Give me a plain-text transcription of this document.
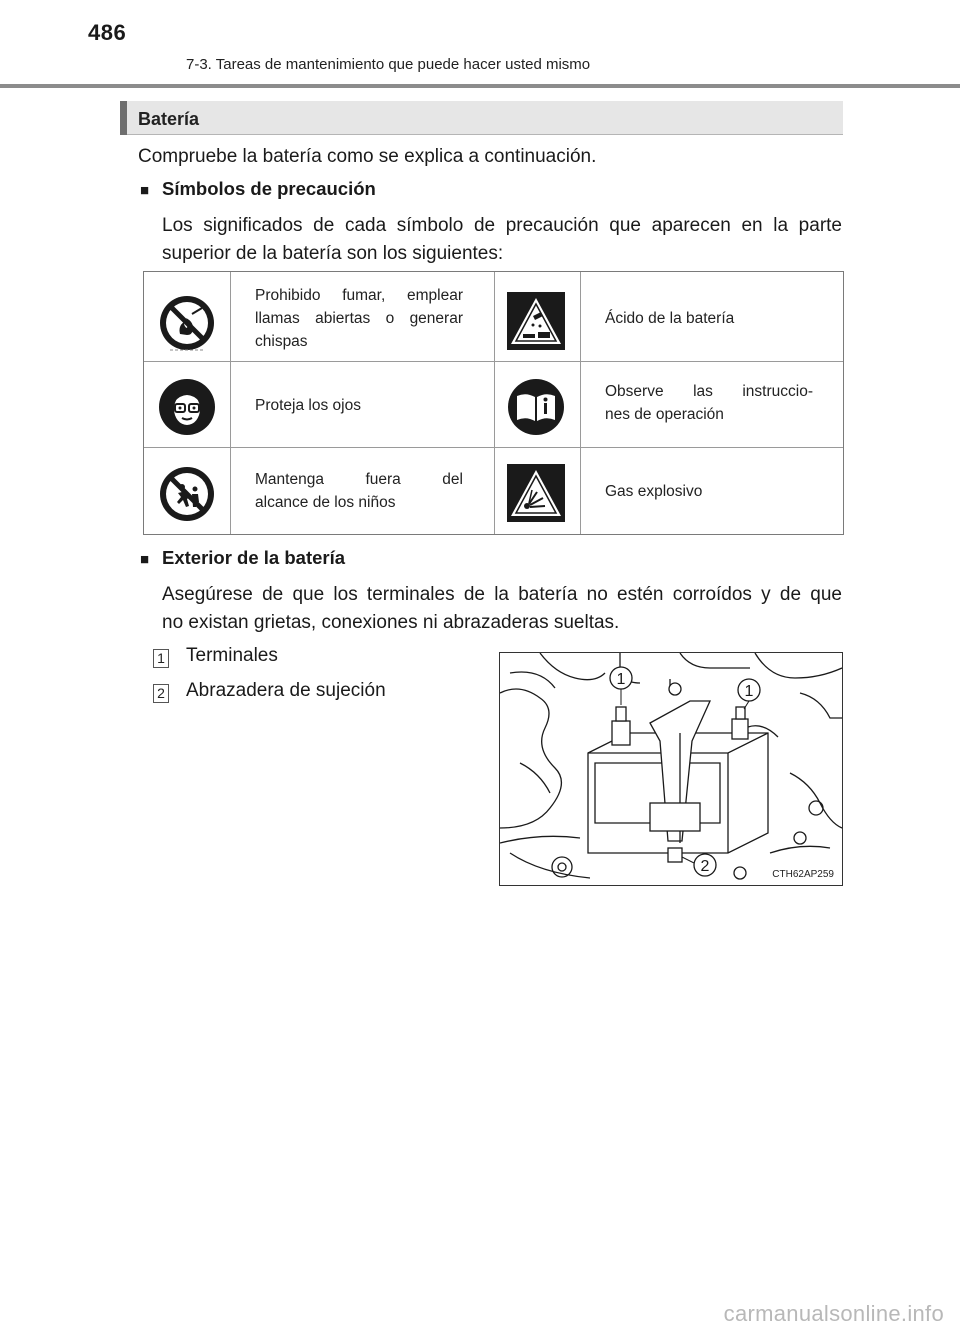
486
7-3. Tareas de mantenimiento que puede hacer usted mismo
Batería
Compruebe la batería como se explica a continuación.
■ Símbolos de precaución
Los significados de cada símbolo de precaución que aparecen en la parte
superior de la batería son los siguientes:
Prohibido fumar, emplear
llamas abiertas o generar
chispas
Ácido de la batería
Proteja los ojos
Observe las instruccio-
nes de operación
Mantenga fuera del
alcance de los niños
Gas explosivo
■ Exterior de la batería
Asegúrese de que los terminales de la batería no estén corroídos y de que
no existan grietas, conexiones ni abrazaderas sueltas.
1 Terminales
2 Abrazadera de sujeción
1
1
2	CTH62AP259
carmanualsonline.info
